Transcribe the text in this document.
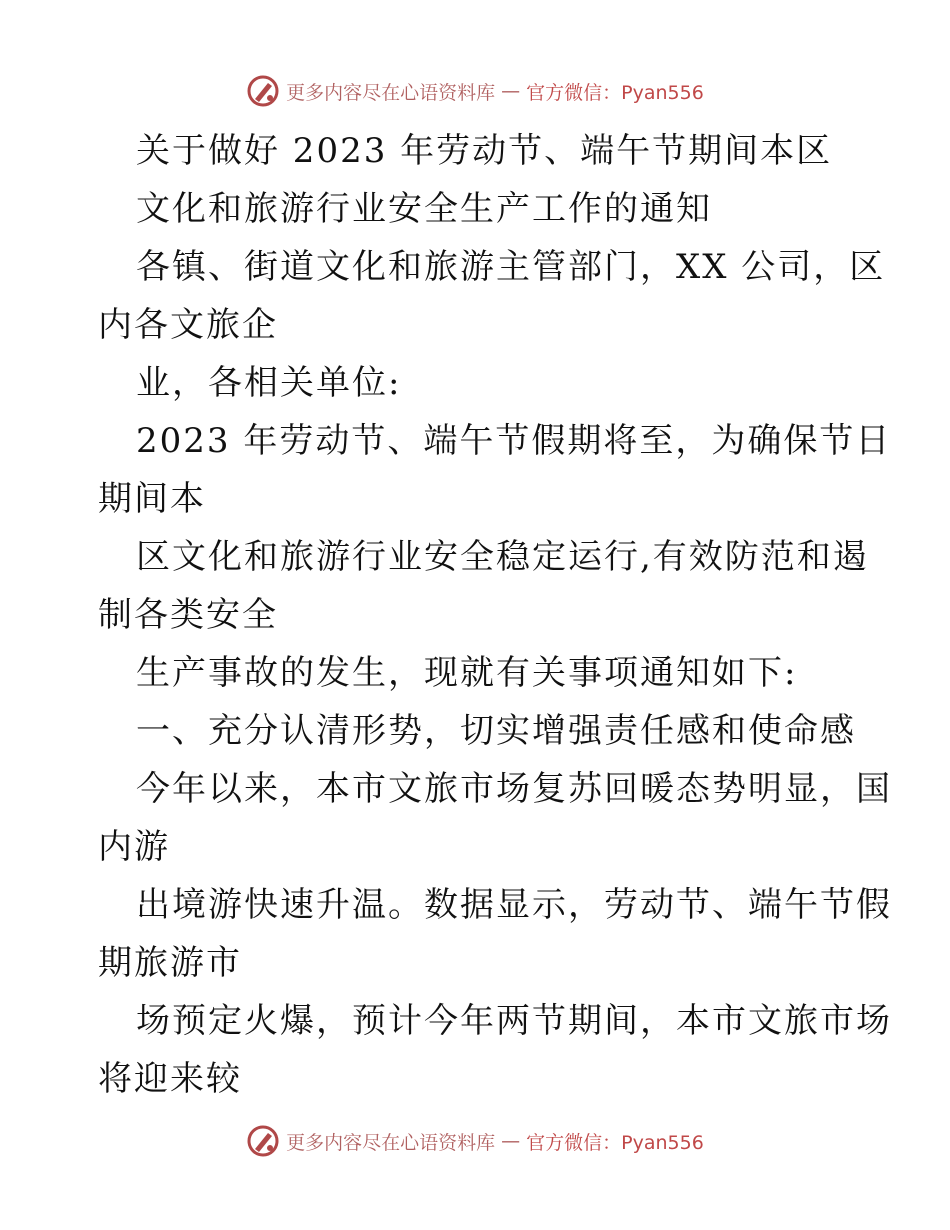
更多内容尽在心语资料库 — 官方微信：Pyan556
关于做好 2023 年劳动节、端午节期间本区
文化和旅游行业安全生产工作的通知
各镇、街道文化和旅游主管部门，XX 公司，区
内各文旅企
业，各相关单位:
2023 年劳动节、端午节假期将至，为确保节日
期间本
区文化和旅游行业安全稳定运行,有效防范和遏
制各类安全
生产事故的发生，现就有关事项通知如下:
一、充分认清形势，切实增强责任感和使命感
今年以来，本市文旅市场复苏回暖态势明显，国
内游
出境游快速升温。数据显示，劳动节、端午节假
期旅游市
场预定火爆，预计今年两节期间，本市文旅市场
将迎来较
更多内容尽在心语资料库 — 官方微信：Pyan556
